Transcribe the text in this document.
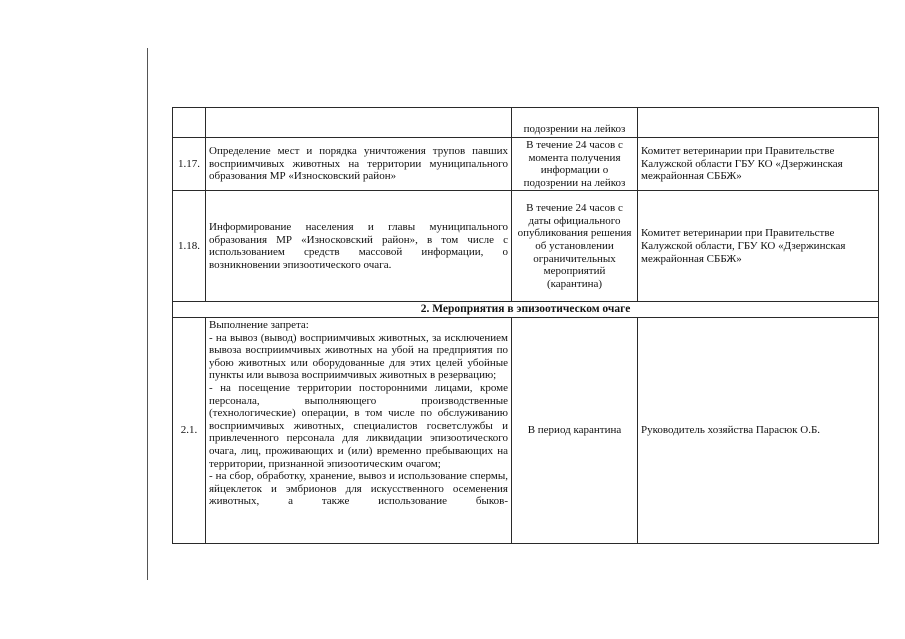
		подозрении на лейкоз	
1.17.	Определение мест и порядка уничтожения трупов павших восприимчивых животных на территории муниципального образования МР «Износковский район»	В течение 24 часов с момента получения информации о подозрении на лейкоз	Комитет ветеринарии при Правительстве Калужской области ГБУ КО «Дзержинская межрайонная СББЖ»
1.18.	Информирование населения и главы муниципального образования МР «Износковский район», в том числе с использованием средств массовой информации, о возникновении эпизоотического очага.	В течение 24 часов с даты официального опубликования решения об установлении ограничительных мероприятий (карантина)	Комитет ветеринарии при Правительстве Калужской области, ГБУ КО «Дзержинская межрайонная СББЖ»
2. Мероприятия в эпизоотическом очаге			
2.1.	Выполнение запрета:
- на вывоз (вывод) восприимчивых животных, за исключением вывоза восприимчивых животных на убой на предприятия по убою животных или оборудованные для этих целей убойные пункты или вывоза восприимчивых животных в резервацию;
- на посещение территории посторонними лицами, кроме персонала, выполняющего производственные (технологические) операции, в том числе по обслуживанию восприимчивых животных, специалистов госветслужбы и привлеченного персонала для ликвидации эпизоотического очага, лиц, проживающих и (или) временно пребывающих на территории, признанной эпизоотическим очагом;
- на сбор, обработку, хранение, вывоз и использование спермы, яйцеклеток и эмбрионов для искусственного осеменения животных, а также использование быков-	В период карантина	Руководитель хозяйства Парасюк О.Б.
